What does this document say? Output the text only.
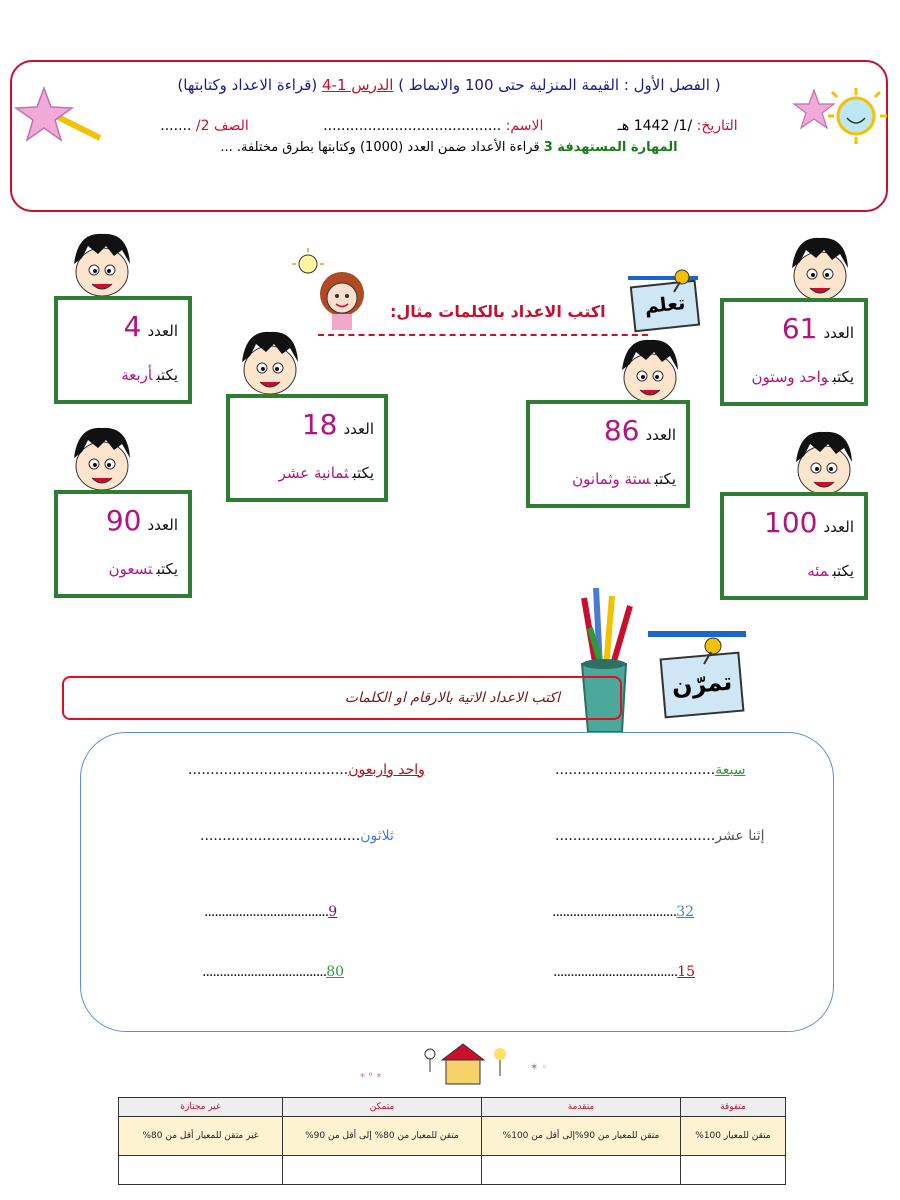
( الفصل الأول : القيمة المنزلية حتى 100 والانماط ) الدرس 1-4 (قراءة الاعداد وكتابتها)
التاريخ: /1/ 1442 هـ الاسم: ........................................ الصف 2/ .......
المهارة المستهدفة 3 قراءة الأعداد ضمن العدد (1000) وكتابتها بطرق مختلفة. ...
اكتب الاعداد بالكلمات مثال:	تعلم
العدد4
يكتبأربعة
العدد18
يكتبثمانية عشر
العدد90
يكتبتسعون
العدد61
يكتبواحد وستون
العدد86
يكتبستة وثمانون
العدد100
يكتبمئه
تمرّن
اكتب الاعداد الاتية بالارقام او الكلمات
سبعة....................................
واحد واربعون....................................
إثنا عشر....................................
ثلاثون....................................
32....................................
9....................................
15....................................
80....................................
* ° *
✶ ◦
متفوقة	متقدمة	متمكن	غير مجتازة
متقن للمعيار 100%	متقن للمعيار من 90%إلى أقل من 100%	متقن للمعيار من 80% إلى أقل من 90%	غير متقن للمعيار أقل من 80%
